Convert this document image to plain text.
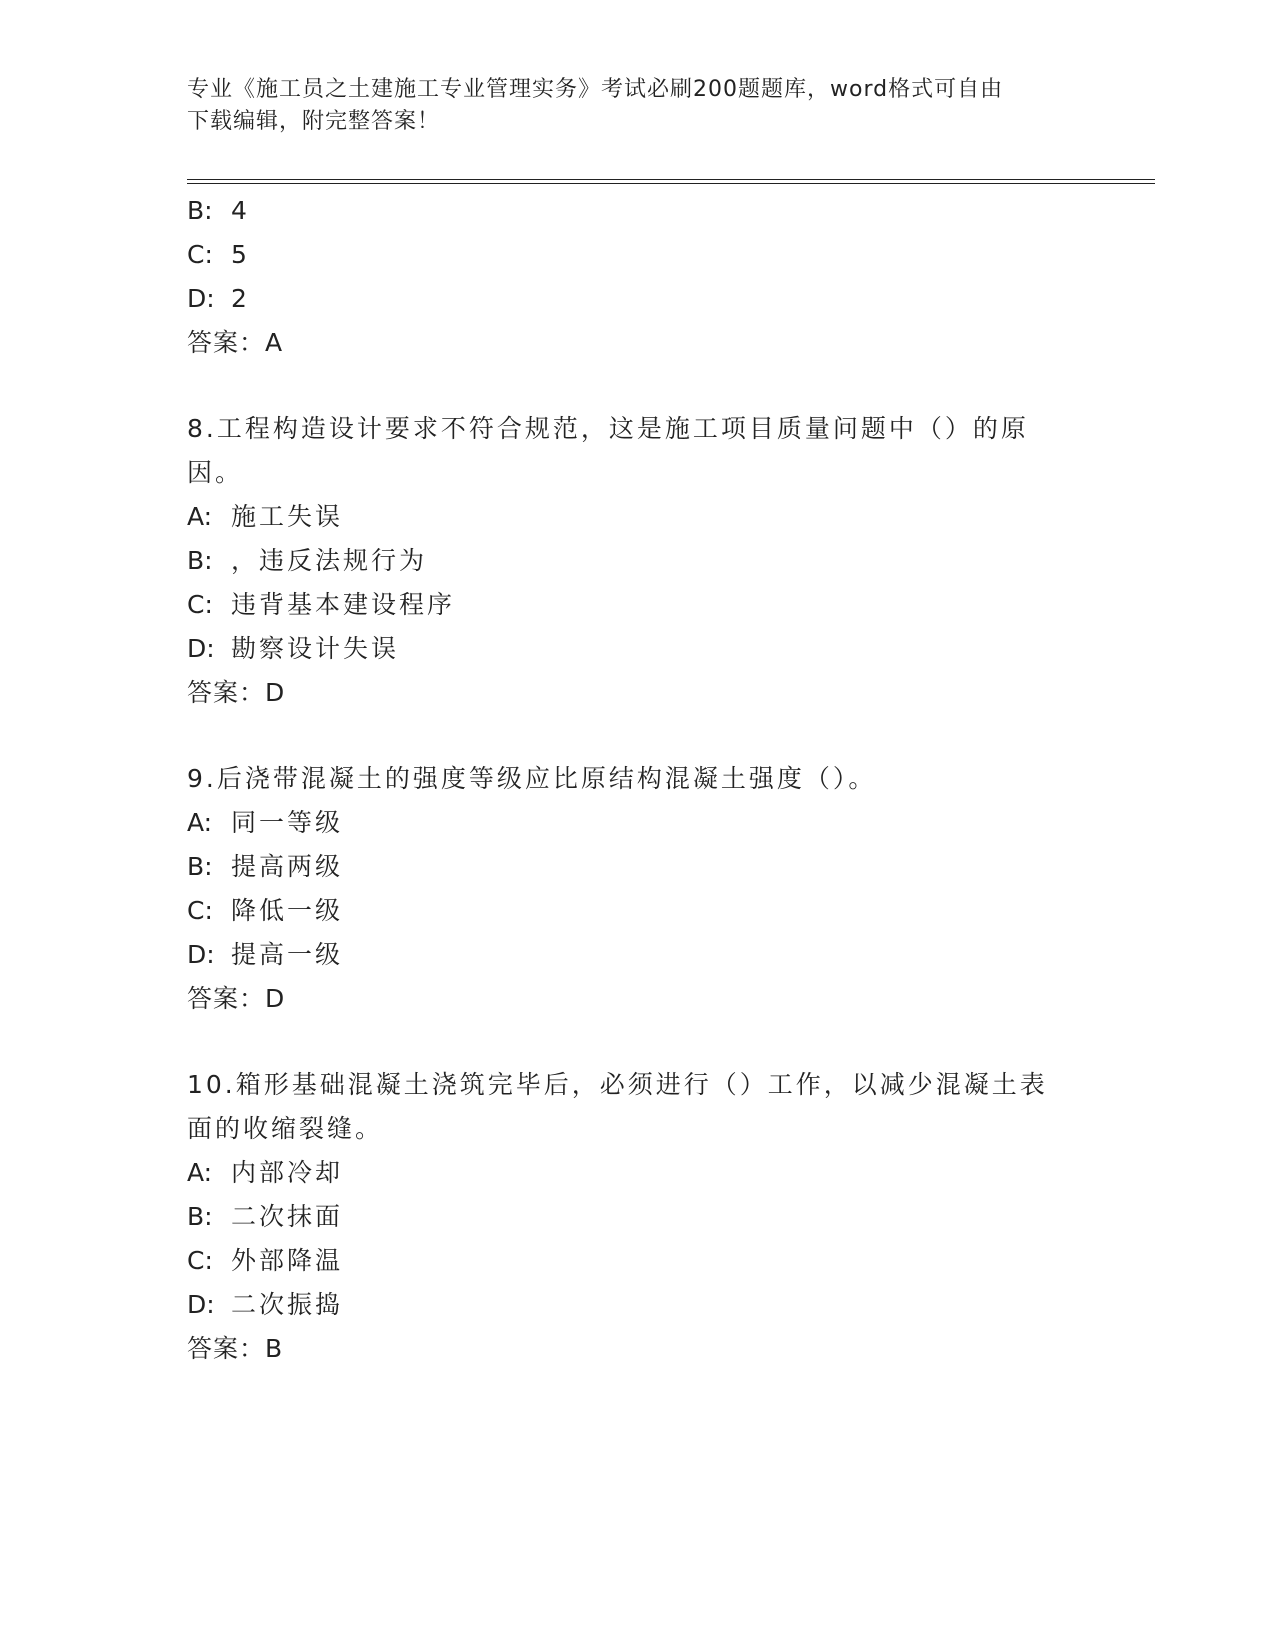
专业《施工员之土建施工专业管理实务》考试必刷200题题库，word格式可自由
下载编辑，附完整答案！
B: 4
C: 5
D: 2
答案：A
8.工程构造设计要求不符合规范，这是施工项目质量问题中（）的原
因。
A: 施工失误
B: ，违反法规行为
C: 违背基本建设程序
D: 勘察设计失误
答案：D
9.后浇带混凝土的强度等级应比原结构混凝土强度（）。
A: 同一等级
B: 提高两级
C: 降低一级
D: 提高一级
答案：D
10.箱形基础混凝土浇筑完毕后，必须进行（）工作，以减少混凝土表
面的收缩裂缝。
A: 内部冷却
B: 二次抹面
C: 外部降温
D: 二次振捣
答案：B
